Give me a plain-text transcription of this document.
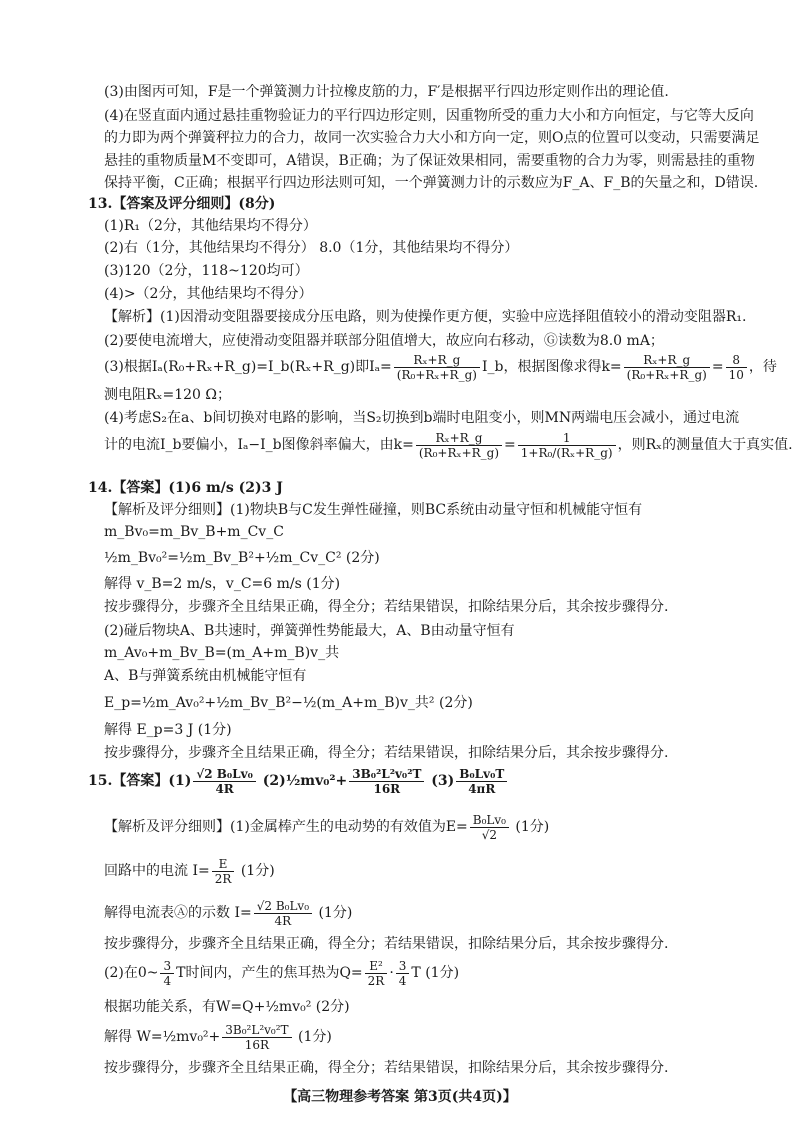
(3)由图丙可知，F是一个弹簧测力计拉橡皮筋的力，F′是根据平行四边形定则作出的理论值.
(4)在竖直面内通过悬挂重物验证力的平行四边形定则，因重物所受的重力大小和方向恒定，与它等大反向
的力即为两个弹簧秤拉力的合力，故同一次实验合力大小和方向一定，则O点的位置可以变动，只需要满足
悬挂的重物质量M不变即可，A错误，B正确；为了保证效果相同，需要重物的合力为零，则需悬挂的重物
保持平衡，C正确；根据平行四边形法则可知，一个弹簧测力计的示数应为F_A、F_B的矢量之和，D错误.
13.【答案及评分细则】(8分)
(1)R₁（2分，其他结果均不得分）
(2)右（1分，其他结果均不得分） 8.0（1分，其他结果均不得分）
(3)120（2分，118~120均可）
(4)>（2分，其他结果均不得分）
【解析】(1)因滑动变阻器要接成分压电路，则为使操作更方便，实验中应选择阻值较小的滑动变阻器R₁.
(2)要使电流增大，应使滑动变阻器并联部分阻值增大，故应向右移动，Ⓖ读数为8.0 mA；
(3)根据Iₐ(R₀+Rₓ+R_g)=I_b(Rₓ+R_g)即$I_a= \frac{\text{Rₓ+R\_g}}{\text{(R₀+Rₓ+R\_g)}}$ I_b，根据图像求得$k= \frac{\text{Rₓ+R\_g}}{\text{(R₀+Rₓ+R\_g)}} = \frac{8}{10}$ ，待
测电阻Rₓ=120 Ω；
(4)考虑S₂在a、b间切换对电路的影响，当S₂切换到b端时电阻变小，则MN两端电压会减小，通过电流
计的电流I_b要偏小，Iₐ−I_b图像斜率偏大，由$k= \frac{\text{Rₓ+R\_g}}{\text{(R₀+Rₓ+R\_g)}} = \frac{1}{\text{1+R₀/(Rₓ+R\_g)}}$ ，则Rₓ的测量值大于真实值.
14.【答案】(1)6 m/s (2)3 J
【解析及评分细则】(1)物块B与C发生弹性碰撞，则BC系统由动量守恒和机械能守恒有
m_Bv₀=m_Bv_B+m_Cv_C
½m_Bv₀²=½m_Bv_B²+½m_Cv_C² (2分)
解得 v_B=2 m/s，v_C=6 m/s (1分)
按步骤得分，步骤齐全且结果正确，得全分；若结果错误，扣除结果分后，其余按步骤得分.
(2)碰后物块A、B共速时，弹簧弹性势能最大，A、B由动量守恒有
m_Av₀+m_Bv_B=(m_A+m_B)v_共
A、B与弹簧系统由机械能守恒有
E_p=½m_Av₀²+½m_Bv_B²−½(m_A+m_B)v_共² (2分)
解得 E_p=3 J (1分)
按步骤得分，步骤齐全且结果正确，得全分；若结果错误，扣除结果分后，其余按步骤得分.
15.【答案】$(1) \frac{\text{√2 B₀Lv₀}}{4R}$ (2)½mv₀²+ $\frac{\text{3B₀²L²v₀²T}}{16R} (3) \frac{\text{B₀Lv₀T}}{4\pi R}$
【解析及评分细则】(1)金属棒产生的电动势的有效值为$E= \frac{\text{B₀Lv₀}}{√2} (1$分)
回路中的电流 $I= \frac{E}{2R} (1$分)
解得电流表Ⓐ的示数 $I= \frac{\text{√2 B₀Lv₀}}{4R} (1$分)
按步骤得分，步骤齐全且结果正确，得全分；若结果错误，扣除结果分后，其余按步骤得分.
(2)在0~ $\frac{3}{4}$ T时间内，产生的焦耳热为$Q= \frac{\text{E²}}{2R} \cdot \frac{3}{4}$ T (1分)
根据功能关系，有W=Q+½mv₀² (2分)
解得 W=½mv₀²+ $\frac{\text{3B₀²L²v₀²T}}{16R} (1$分)
按步骤得分，步骤齐全且结果正确，得全分；若结果错误，扣除结果分后，其余按步骤得分.
【高三物理参考答案 第3页(共4页)】
